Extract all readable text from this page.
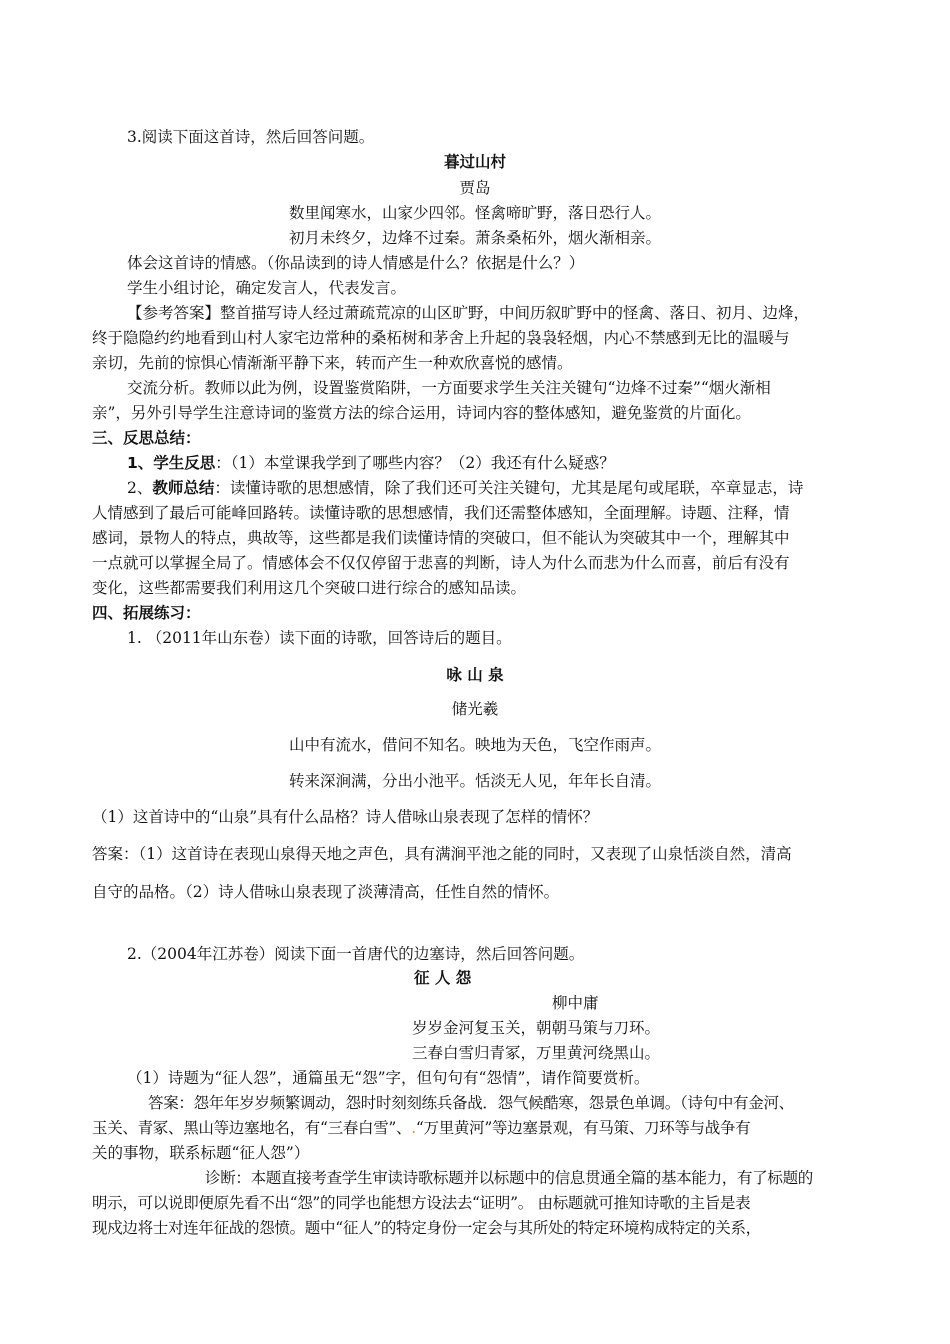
3.阅读下面这首诗，然后回答问题。
暮过山村
贾岛
数里闻寒水，山家少四邻。怪禽啼旷野，落日恐行人。
初月未终夕，边烽不过秦。萧条桑柘外，烟火渐相亲。
体会这首诗的情感。（你品读到的诗人情感是什么？依据是什么？）
学生小组讨论，确定发言人，代表发言。
【参考答案】整首描写诗人经过萧疏荒凉的山区旷野，中间历叙旷野中的怪禽、落日、初月、边烽，
终于隐隐约约地看到山村人家宅边常种的桑柘树和茅舍上升起的袅袅轻烟，内心不禁感到无比的温暖与
亲切，先前的惊惧心情渐渐平静下来，转而产生一种欢欣喜悦的感情。
交流分析。教师以此为例，设置鉴赏陷阱，一方面要求学生关注关键句“边烽不过秦”“烟火渐相
亲”，另外引导学生注意诗词的鉴赏方法的综合运用，诗词内容的整体感知，避免鉴赏的片面化。
三、反思总结：
1、学生反思：（1）本堂课我学到了哪些内容？（2）我还有什么疑惑？
2、教师总结：读懂诗歌的思想感情，除了我们还可关注关键句，尤其是尾句或尾联，卒章显志，诗
人情感到了最后可能峰回路转。读懂诗歌的思想感情，我们还需整体感知，全面理解。诗题、注释，情
感词，景物人的特点，典故等，这些都是我们读懂诗情的突破口，但不能认为突破其中一个，理解其中
一点就可以掌握全局了。情感体会不仅仅停留于悲喜的判断，诗人为什么而悲为什么而喜，前后有没有
变化，这些都需要我们利用这几个突破口进行综合的感知品读。
四、拓展练习：
1. （2011年山东卷）读下面的诗歌，回答诗后的题目。
咏 山 泉
储光羲
山中有流水，借问不知名。映地为天色，飞空作雨声。
转来深涧满，分出小池平。恬淡无人见，年年长自清。
（1）这首诗中的“山泉”具有什么品格？诗人借咏山泉表现了怎样的情怀？
答案：（1）这首诗在表现山泉得天地之声色，具有满涧平池之能的同时，又表现了山泉恬淡自然，清高
自守的品格。（2）诗人借咏山泉表现了淡薄清高，任性自然的情怀。
2.（2004年江苏卷）阅读下面一首唐代的边塞诗，然后回答问题。
征 人 怨
柳中庸
岁岁金河复玉关，朝朝马策与刀环。
三春白雪归青冢，万里黄河绕黑山。
（1）诗题为“征人怨”，通篇虽无“怨”字，但句句有“怨情”，请作简要赏析。
答案：怨年年岁岁频繁调动，怨时时刻刻练兵备战．怨气候酷寒，怨景色单调。（诗句中有金河、
玉关、青冢、黑山等边塞地名，有“三春白雪”、.“万里黄河”等边塞景观，有马策、刀环等与战争有
关的事物，联系标题“征人怨”）
诊断：本题直接考查学生审读诗歌标题并以标题中的信息贯通全篇的基本能力，有了标题的
明示，可以说即便原先看不出“怨”的同学也能想方设法去“证明”。 由标题就可推知诗歌的主旨是表
现戍边将士对连年征战的怨愤。题中“征人”的特定身份一定会与其所处的特定环境构成特定的关系，
